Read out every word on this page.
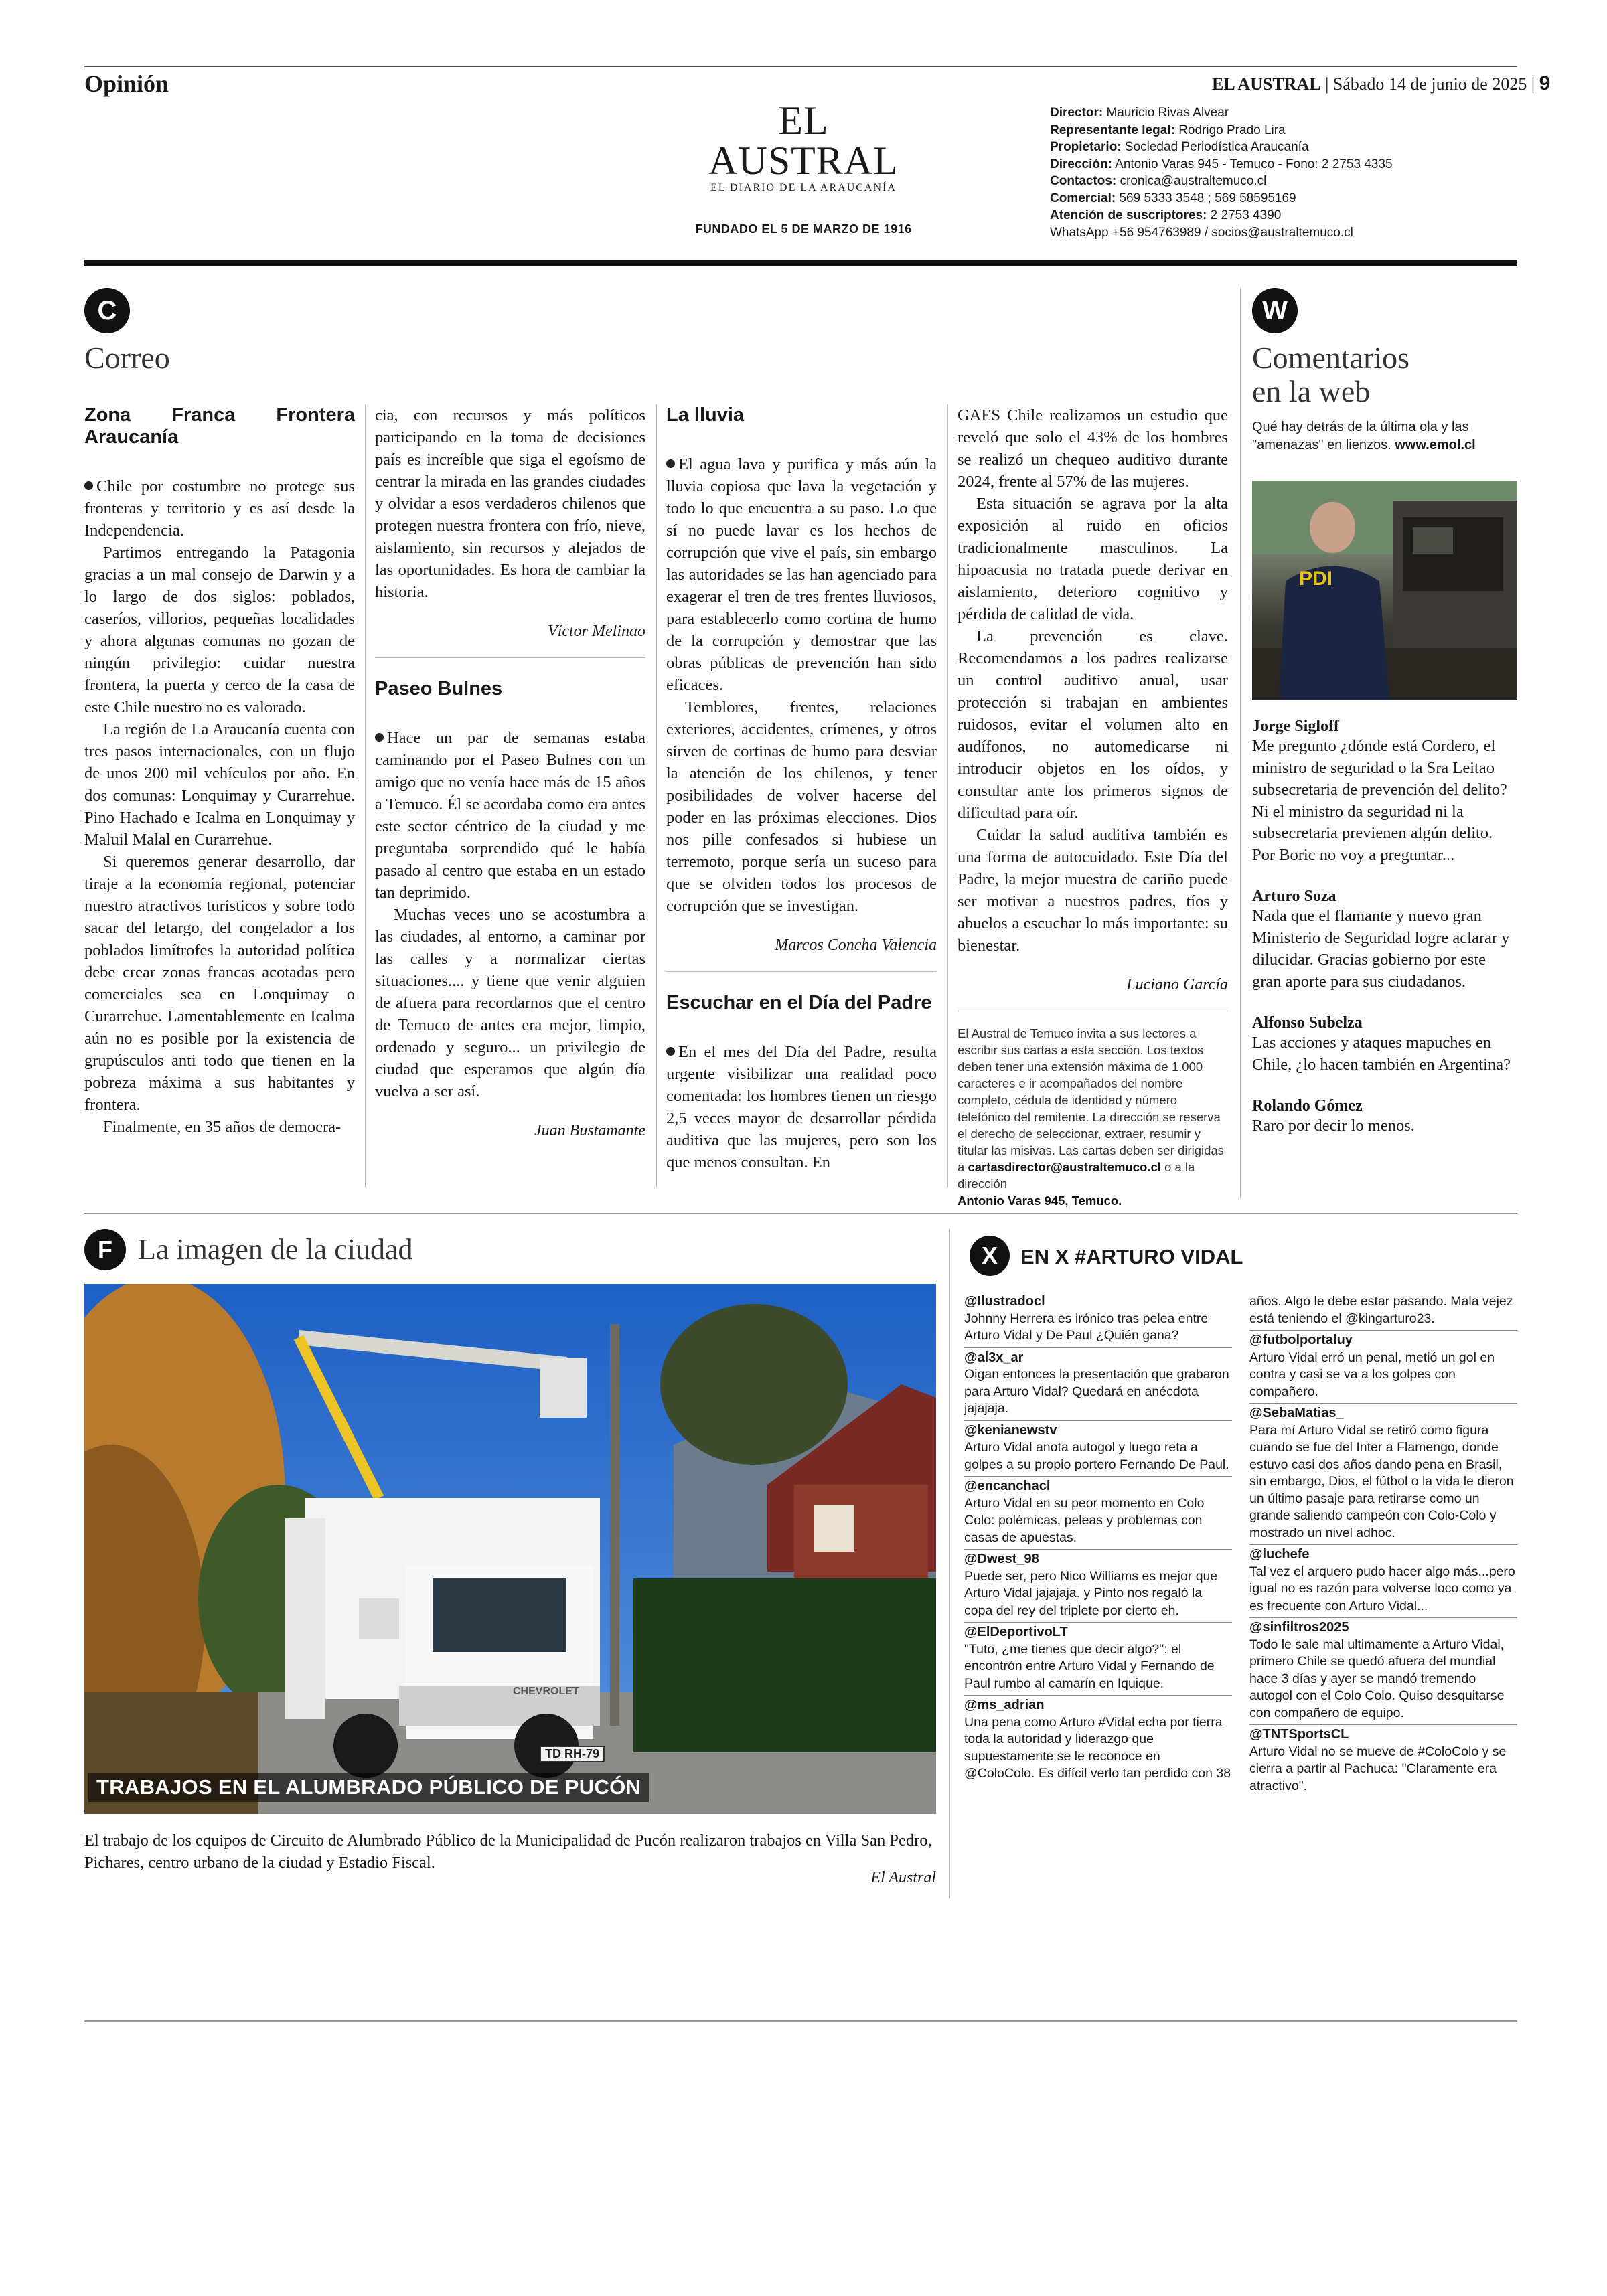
Opinión	EL AUSTRAL | Sábado 14 de junio de 2025 | 9
EL AUSTRAL
EL DIARIO DE LA ARAUCANÍA
FUNDADO EL 5 DE MARZO DE 1916
Director: Mauricio Rivas Alvear
Representante legal: Rodrigo Prado Lira
Propietario: Sociedad Periodística Araucanía
Dirección: Antonio Varas 945 - Temuco - Fono: 2 2753 4335
Contactos: cronica@australtemuco.cl
Comercial: 569 5333 3548 ; 569 58595169
Atención de suscriptores: 2 2753 4390
WhatsApp +56 954763989 / socios@australtemuco.cl
C
Correo
Zona Franca Frontera Araucanía

Chile por costumbre no protege sus fronteras y territorio y es así desde la Independencia.

Partimos entregando la Patagonia gracias a un mal consejo de Darwin y a lo largo de dos siglos: poblados, caseríos, villorios, pequeñas localidades y ahora algunas comunas no gozan de ningún privilegio: cuidar nuestra frontera, la puerta y cerco de la casa de este Chile nuestro no es valorado.

La región de La Araucanía cuenta con tres pasos internacionales, con un flujo de unos 200 mil vehículos por año. En dos comunas: Lonquimay y Curarrehue. Pino Hachado e Icalma en Lonquimay y Maluil Malal en Curarrehue.

Si queremos generar desarrollo, dar tiraje a la economía regional, potenciar nuestro atractivos turísticos y sobre todo sacar del letargo, del congelador a los poblados limítrofes la autoridad política debe crear zonas francas acotadas pero comerciales sea en Lonquimay o Curarrehue. Lamentablemente en Icalma aún no es posible por la existencia de grupúsculos anti todo que tienen en la pobreza máxima a sus habitantes y frontera.

Finalmente, en 35 años de democra-

cia, con recursos y más políticos participando en la toma de decisiones país es increíble que siga el egoísmo de centrar la mirada en las grandes ciudades y olvidar a esos verdaderos chilenos que protegen nuestra frontera con frío, nieve, aislamiento, sin recursos y alejados de las oportunidades. Es hora de cambiar la historia.

Víctor Melinao
Paseo Bulnes

Hace un par de semanas estaba caminando por el Paseo Bulnes con un amigo que no venía hace más de 15 años a Temuco. Él se acordaba como era antes este sector céntrico de la ciudad y me preguntaba sorprendido qué le había pasado al centro que estaba en un estado tan deprimido.

Muchas veces uno se acostumbra a las ciudades, al entorno, a caminar por las calles y a normalizar ciertas situaciones.... y tiene que venir alguien de afuera para recordarnos que el centro de Temuco de antes era mejor, limpio, ordenado y seguro... un privilegio de ciudad que esperamos que algún día vuelva a ser así.

Juan Bustamante
La lluvia

El agua lava y purifica y más aún la lluvia copiosa que lava la vegetación y todo lo que encuentra a su paso. Lo que sí no puede lavar es los hechos de corrupción que vive el país, sin embargo las autoridades se las han agenciado para exagerar el tren de tres frentes lluviosos, para establecerlo como cortina de humo de la corrupción y demostrar que las obras públicas de prevención han sido eficaces.

Temblores, frentes, relaciones exteriores, accidentes, crímenes, y otros sirven de cortinas de humo para desviar la atención de los chilenos, y tener posibilidades de volver hacerse del poder en las próximas elecciones. Dios nos pille confesados si hubiese un terremoto, porque sería un suceso para que se olviden todos los procesos de corrupción que se investigan.

Marcos Concha Valencia
Escuchar en el Día del Padre

En el mes del Día del Padre, resulta urgente visibilizar una realidad poco comentada: los hombres tienen un riesgo 2,5 veces mayor de desarrollar pérdida auditiva que las mujeres, pero son los que menos consultan. En

GAES Chile realizamos un estudio que reveló que solo el 43% de los hombres se realizó un chequeo auditivo durante 2024, frente al 57% de las mujeres.

Esta situación se agrava por la alta exposición al ruido en oficios tradicionalmente masculinos. La hipoacusia no tratada puede derivar en aislamiento, deterioro cognitivo y pérdida de calidad de vida.

La prevención es clave. Recomendamos a los padres realizarse un control auditivo anual, usar protección si trabajan en ambientes ruidosos, evitar el volumen alto en audífonos, no automedicarse ni introducir objetos en los oídos, y consultar ante los primeros signos de dificultad para oír.

Cuidar la salud auditiva también es una forma de autocuidado. Este Día del Padre, la mejor muestra de cariño puede ser motivar a nuestros padres, tíos y abuelos a escuchar lo más importante: su bienestar.

Luciano García
El Austral de Temuco invita a sus lectores a escribir sus cartas a esta sección. Los textos deben tener una extensión máxima de 1.000 caracteres e ir acompañados del nombre completo, cédula de identidad y número telefónico del remitente. La dirección se reserva el derecho de seleccionar, extraer, resumir y titular las misivas. Las cartas deben ser dirigidas a cartasdirector@australtemuco.cl o a la dirección
Antonio Varas 945, Temuco.
W
Comentarios
en la web
Qué hay detrás de la última ola y las "amenazas" en lienzos. www.emol.cl
PDI
Jorge Sigloff
Me pregunto ¿dónde está Cordero, el ministro de seguridad o la Sra Leitao subsecretaria de prevención del delito? Ni el ministro da seguridad ni la subsecretaria previenen algún delito. Por Boric no voy a preguntar...
Arturo Soza
Nada que el flamante y nuevo gran Ministerio de Seguridad logre aclarar y dilucidar. Gracias gobierno por este gran aporte para sus ciudadanos.
Alfonso Subelza
Las acciones y ataques mapuches en Chile, ¿lo hacen también en Argentina?
Rolando Gómez
Raro por decir lo menos.
F La imagen de la ciudad
CHEVROLET
TD RH-79
TRABAJOS EN EL ALUMBRADO PÚBLICO DE PUCÓN
El trabajo de los equipos de Circuito de Alumbrado Público de la Municipalidad de Pucón realizaron trabajos en Villa San Pedro, Pichares, centro urbano de la ciudad y Estadio Fiscal.
El Austral
X	EN X #ARTURO VIDAL
@Ilustradocl
Johnny Herrera es irónico tras pelea entre Arturo Vidal y De Paul ¿Quién gana?
@al3x_ar
Oigan entonces la presentación que grabaron para Arturo Vidal? Quedará en anécdota jajajaja.
@kenianewstv
Arturo Vidal anota autogol y luego reta a golpes a su propio portero Fernando De Paul.
@encanchacl
Arturo Vidal en su peor momento en Colo Colo: polémicas, peleas y problemas con casas de apuestas.
@Dwest_98
Puede ser, pero Nico Williams es mejor que Arturo Vidal jajajaja. y Pinto nos regaló la copa del rey del triplete por cierto eh.
@ElDeportivoLT
"Tuto, ¿me tienes que decir algo?": el encontrón entre Arturo Vidal y Fernando de Paul rumbo al camarín en Iquique.
@ms_adrian
Una pena como Arturo #Vidal echa por tierra toda la autoridad y liderazgo que supuestamente se le reconoce en @ColoColo. Es difícil verlo tan perdido con 38
años. Algo le debe estar pasando. Mala vejez está teniendo el @kingarturo23.
@futbolportaluy
Arturo Vidal erró un penal, metió un gol en contra y casi se va a los golpes con compañero.
@SebaMatias_
Para mí Arturo Vidal se retiró como figura cuando se fue del Inter a Flamengo, donde estuvo casi dos años dando pena en Brasil, sin embargo, Dios, el fútbol o la vida le dieron un último pasaje para retirarse como un grande saliendo campeón con Colo-Colo y mostrado un nivel adhoc.
@luchefe
Tal vez el arquero pudo hacer algo más...pero igual no es razón para volverse loco como ya es frecuente con Arturo Vidal...
@sinfiltros2025
Todo le sale mal ultimamente a Arturo Vidal, primero Chile se quedó afuera del mundial hace 3 días y ayer se mandó tremendo autogol con el Colo Colo. Quiso desquitarse con compañero de equipo.
@TNTSportsCL
Arturo Vidal no se mueve de #ColoColo y se cierra a partir al Pachuca: "Claramente era atractivo".
